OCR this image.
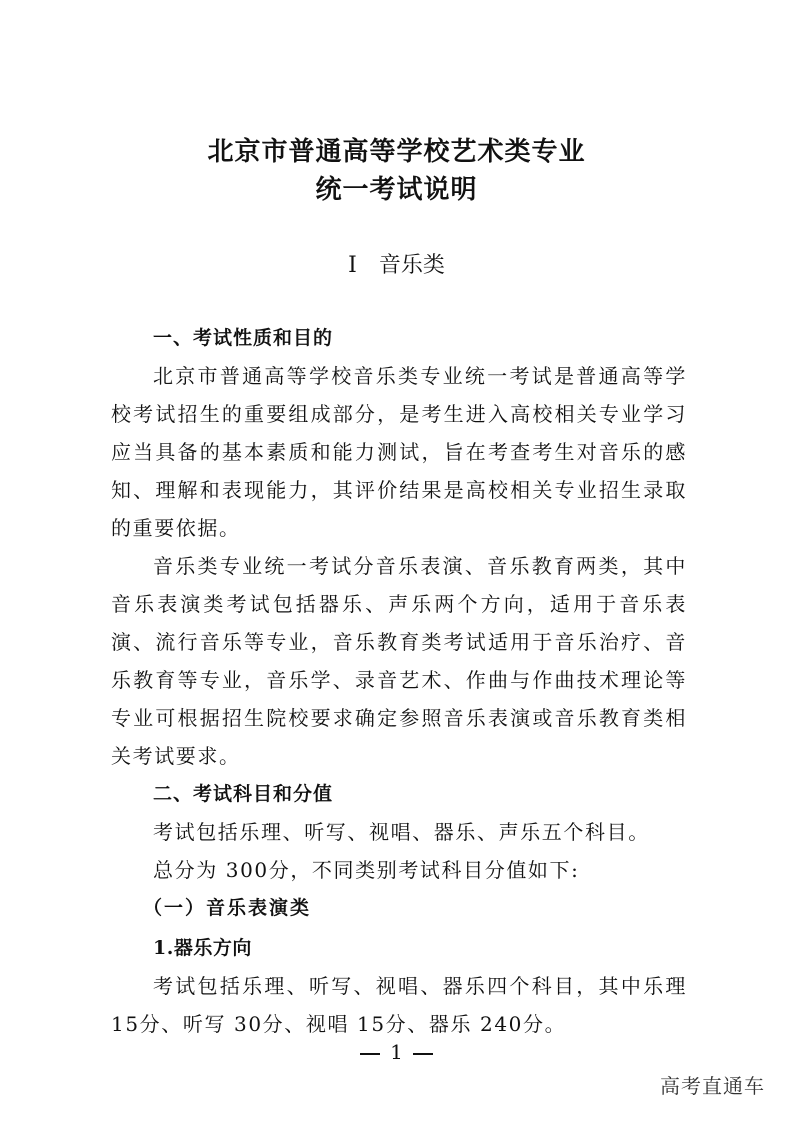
北京市普通高等学校艺术类专业
统一考试说明
I 音乐类

一、考试性质和目的

北京市普通高等学校音乐类专业统一考试是普通高等学校考试招生的重要组成部分，是考生进入高校相关专业学习应当具备的基本素质和能力测试，旨在考查考生对音乐的感知、理解和表现能力，其评价结果是高校相关专业招生录取的重要依据。

音乐类专业统一考试分音乐表演、音乐教育两类，其中音乐表演类考试包括器乐、声乐两个方向，适用于音乐表演、流行音乐等专业，音乐教育类考试适用于音乐治疗、音乐教育等专业，音乐学、录音艺术、作曲与作曲技术理论等专业可根据招生院校要求确定参照音乐表演或音乐教育类相关考试要求。

二、考试科目和分值

考试包括乐理、听写、视唱、器乐、声乐五个科目。

总分为 300分，不同类别考试科目分值如下:

（一）音乐表演类

1.器乐方向

考试包括乐理、听写、视唱、器乐四个科目，其中乐理 15分、听写 30分、视唱 15分、器乐 240分。

1
高考直通车
